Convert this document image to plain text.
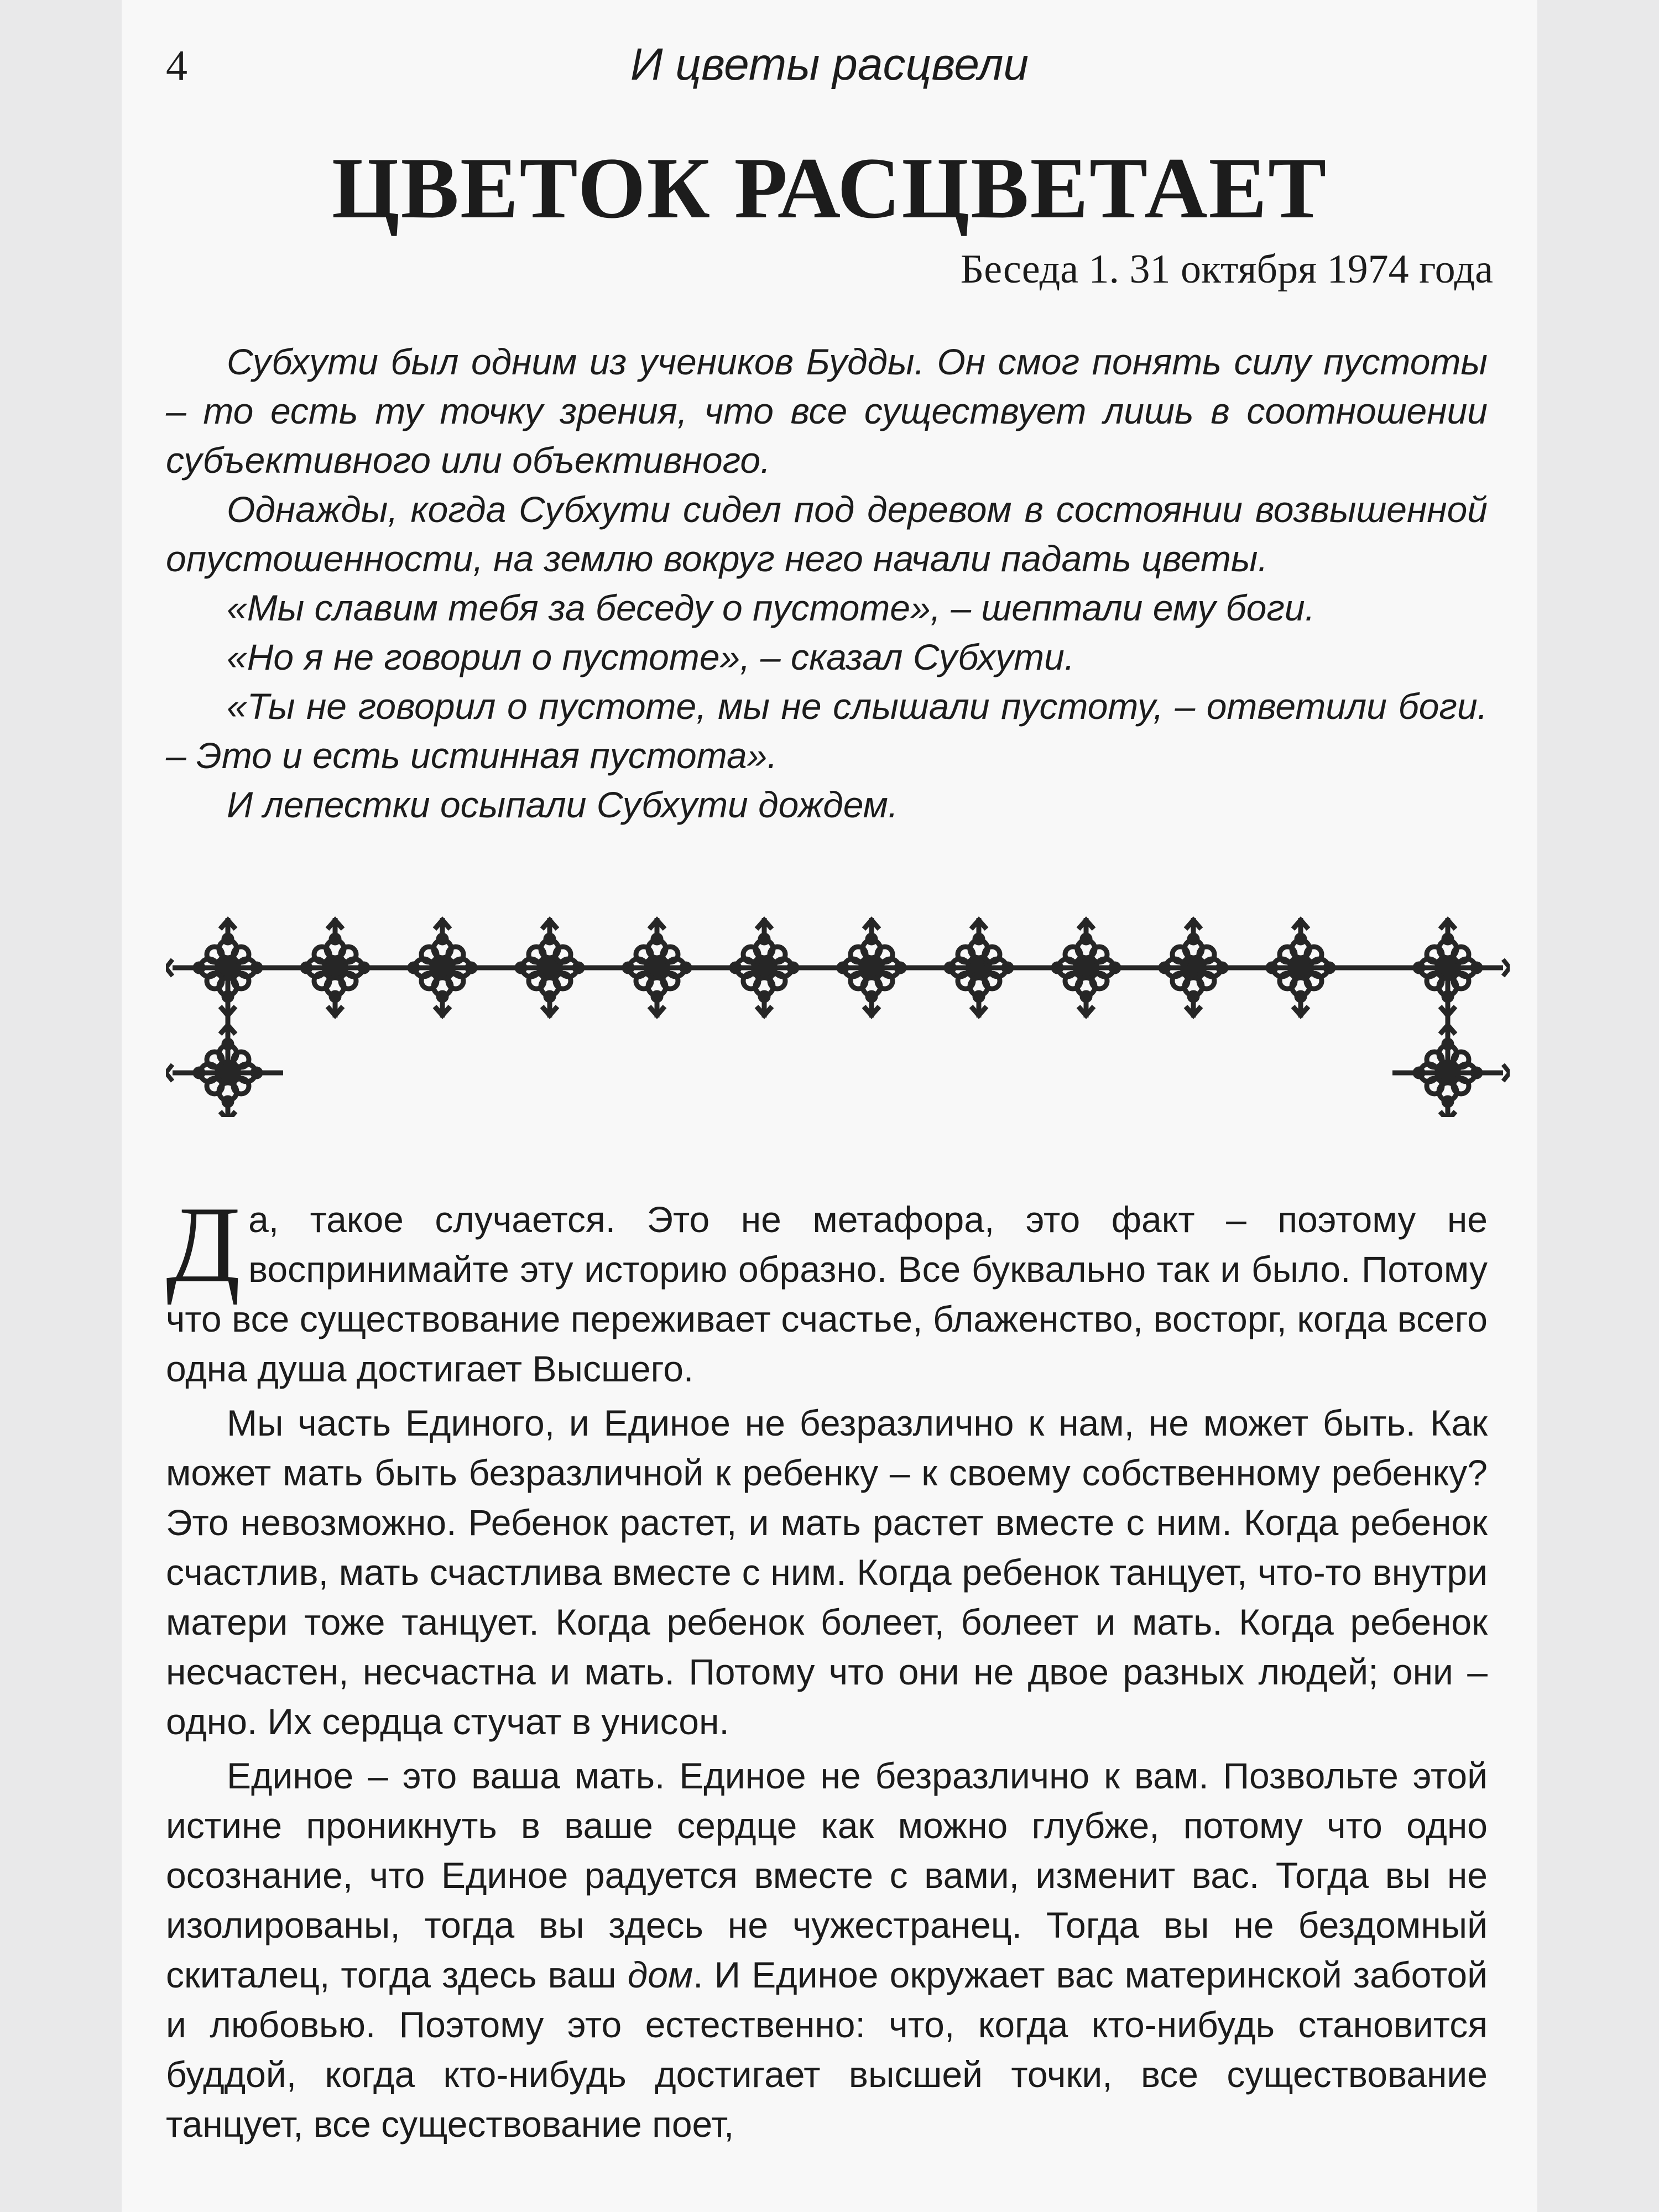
4	И цветы расцвели
ЦВЕТОК РАСЦВЕТАЕТ
Беседа 1. 31 октября 1974 года

Субхути был одним из учеников Будды. Он смог понять силу пустоты – то есть ту точку зрения, что все существует лишь в соотношении субъективного или объективного.

Однажды, когда Субхути сидел под деревом в состоянии возвышенной опустошенности, на землю вокруг него начали падать цветы.

«Мы славим тебя за беседу о пустоте», – шептали ему боги.

«Но я не говорил о пустоте», – сказал Субхути.

«Ты не говорил о пустоте, мы не слышали пустоту, – ответили боги. – Это и есть истинная пустота».

И лепестки осыпали Субхути дождем.

Да, такое случается. Это не метафора, это факт – поэтому не воспринимайте эту историю образно. Все буквально так и было. Потому что все существование переживает счастье, блаженство, восторг, когда всего одна душа достигает Высшего.

Мы часть Единого, и Единое не безразлично к нам, не может быть. Как может мать быть безразличной к ребенку – к своему собственному ребенку? Это невозможно. Ребенок растет, и мать растет вместе с ним. Когда ребенок счастлив, мать счастлива вместе с ним. Когда ребенок танцует, что-то внутри матери тоже танцует. Когда ребенок болеет, болеет и мать. Когда ребенок несчастен, несчастна и мать. Потому что они не двое разных людей; они – одно. Их сердца стучат в унисон.

Единое – это ваша мать. Единое не безразлично к вам. Позвольте этой истине проникнуть в ваше сердце как можно глубже, потому что одно осознание, что Единое радуется вместе с вами, изменит вас. Тогда вы не изолированы, тогда вы здесь не чужестранец. Тогда вы не бездомный скиталец, тогда здесь ваш дом. И Единое окружает вас материнской заботой и любовью. Поэтому это естественно: что, когда кто-нибудь становится буддой, когда кто-нибудь достигает высшей точки, все существование танцует, все существование поет,
